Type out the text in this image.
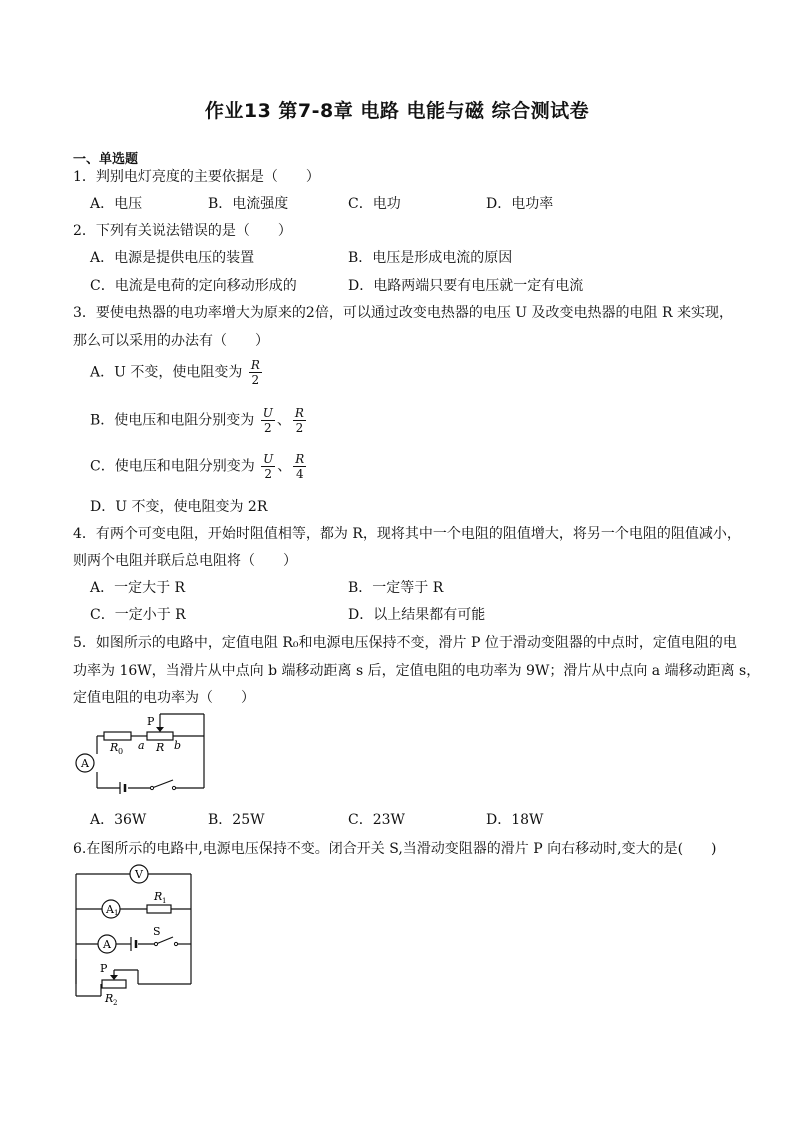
作业13 第7-8章 电路 电能与磁 综合测试卷
一、单选题
1．判别电灯亮度的主要依据是（　　）
A．电压	B．电流强度	C．电功	D．电功率
2．下列有关说法错误的是（　　）
A．电源是提供电压的装置	B．电压是形成电流的原因
C．电流是电荷的定向移动形成的	D．电路两端只要有电压就一定有电流
3．要使电热器的电功率增大为原来的2倍，可以通过改变电热器的电压 U 及改变电热器的电阻 R 来实现，
那么可以采用的办法有（　　）
A．U 不变，使电阻变为 $\frac{R}{2}$
B．使电压和电阻分别变为 $\frac{U}{2}$ 、 $\frac{R}{2}$
C．使电压和电阻分别变为 $\frac{U}{2}$ 、 $\frac{R}{4}$
D．U 不变，使电阻变为 2R
4．有两个可变电阻，开始时阻值相等，都为 R，现将其中一个电阻的阻值增大，将另一个电阻的阻值减小，
则两个电阻并联后总电阻将（　　）
A．一定大于 R	B．一定等于 R
C．一定小于 R	D．以上结果都有可能
5．如图所示的电路中，定值电阻 R₀和电源电压保持不变，滑片 P 位于滑动变阻器的中点时，定值电阻的电
功率为 16W，当滑片从中点向 b 端移动距离 s 后，定值电阻的电功率为 9W；滑片从中点向 a 端移动距离 s，
定值电阻的电功率为（　　）
A
P
R 0 a R b
A．36W	B．25W	C．23W	D．18W
6.在图所示的电路中,电源电压保持不变。闭合开关 S,当滑动变阻器的滑片 P 向右移动时,变大的是(　　)
V
A 1
R 1
A
S
P
R 2
